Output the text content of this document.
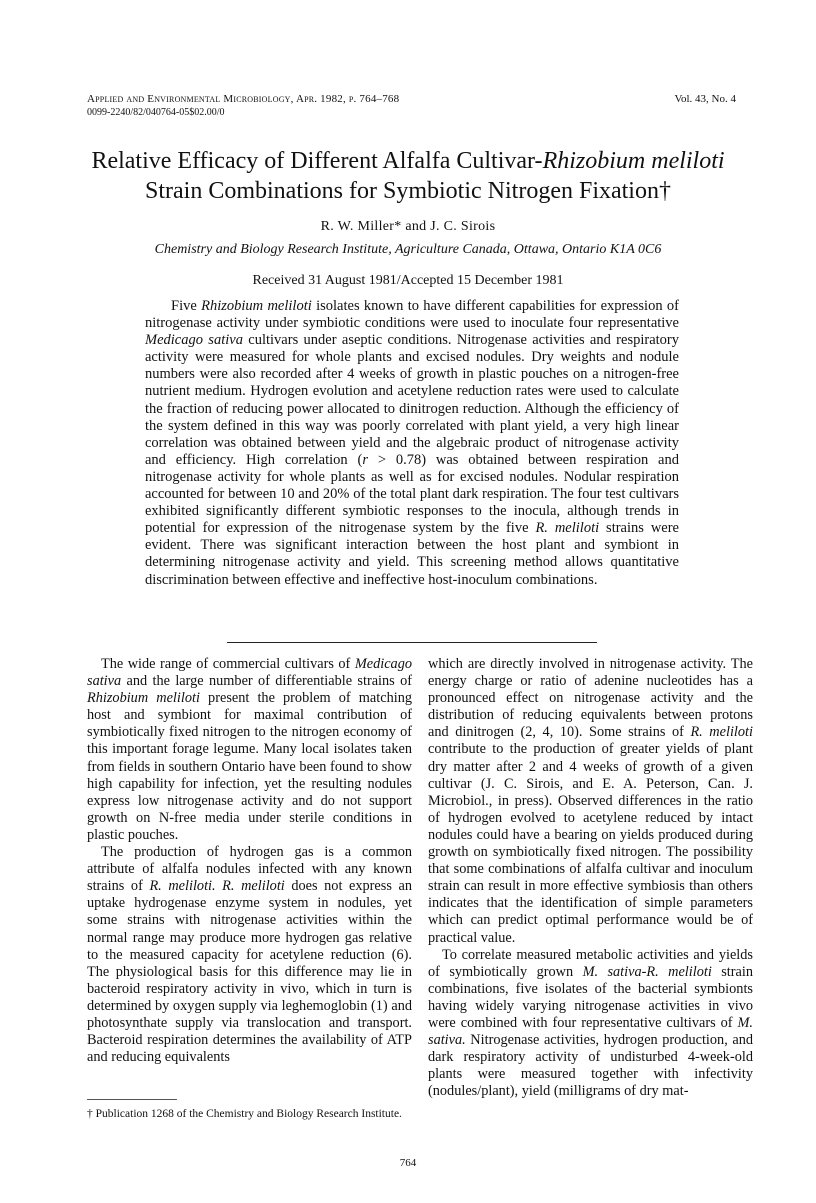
Applied and Environmental Microbiology, Apr. 1982, p. 764–768
0099-2240/82/040764-05$02.00/0
Vol. 43, No. 4
Relative Efficacy of Different Alfalfa Cultivar-Rhizobium meliloti Strain Combinations for Symbiotic Nitrogen Fixation†
R. W. Miller* and J. C. Sirois
Chemistry and Biology Research Institute, Agriculture Canada, Ottawa, Ontario K1A 0C6
Received 31 August 1981/Accepted 15 December 1981

Five Rhizobium meliloti isolates known to have different capabilities for expression of nitrogenase activity under symbiotic conditions were used to inoculate four representative Medicago sativa cultivars under aseptic conditions. Nitrogenase activities and respiratory activity were measured for whole plants and excised nodules. Dry weights and nodule numbers were also recorded after 4 weeks of growth in plastic pouches on a nitrogen-free nutrient medium. Hydrogen evolution and acetylene reduction rates were used to calculate the fraction of reducing power allocated to dinitrogen reduction. Although the efficiency of the system defined in this way was poorly correlated with plant yield, a very high linear correlation was obtained between yield and the algebraic product of nitrogenase activity and efficiency. High correlation (r > 0.78) was obtained between respiration and nitrogenase activity for whole plants as well as for excised nodules. Nodular respiration accounted for between 10 and 20% of the total plant dark respiration. The four test cultivars exhibited significantly different symbiotic responses to the inocula, although trends in potential for expression of the nitrogenase system by the five R. meliloti strains were evident. There was significant interaction between the host plant and symbiont in determining nitrogenase activity and yield. This screening method allows quantitative discrimination between effective and ineffective host-inoculum combinations.

The wide range of commercial cultivars of Medicago sativa and the large number of differentiable strains of Rhizobium meliloti present the problem of matching host and symbiont for maximal contribution of symbiotically fixed nitrogen to the nitrogen economy of this important forage legume. Many local isolates taken from fields in southern Ontario have been found to show high capability for infection, yet the resulting nodules express low nitrogenase activity and do not support growth on N-free media under sterile conditions in plastic pouches.

The production of hydrogen gas is a common attribute of alfalfa nodules infected with any known strains of R. meliloti. R. meliloti does not express an uptake hydrogenase enzyme system in nodules, yet some strains with nitrogenase activities within the normal range may produce more hydrogen gas relative to the measured capacity for acetylene reduction (6). The physiological basis for this difference may lie in bacteroid respiratory activity in vivo, which in turn is determined by oxygen supply via leghemoglobin (1) and photosynthate supply via translocation and transport. Bacteroid respiration determines the availability of ATP and reducing equivalents

which are directly involved in nitrogenase activity. The energy charge or ratio of adenine nucleotides has a pronounced effect on nitrogenase activity and the distribution of reducing equivalents between protons and dinitrogen (2, 4, 10). Some strains of R. meliloti contribute to the production of greater yields of plant dry matter after 2 and 4 weeks of growth of a given cultivar (J. C. Sirois, and E. A. Peterson, Can. J. Microbiol., in press). Observed differences in the ratio of hydrogen evolved to acetylene reduced by intact nodules could have a bearing on yields produced during growth on symbiotically fixed nitrogen. The possibility that some combinations of alfalfa cultivar and inoculum strain can result in more effective symbiosis than others indicates that the identification of simple parameters which can predict optimal performance would be of practical value.

To correlate measured metabolic activities and yields of symbiotically grown M. sativa-R. meliloti strain combinations, five isolates of the bacterial symbionts having widely varying nitrogenase activities in vivo were combined with four representative cultivars of M. sativa. Nitrogenase activities, hydrogen production, and dark respiratory activity of undisturbed 4-week-old plants were measured together with infectivity (nodules/plant), yield (milligrams of dry mat-

† Publication 1268 of the Chemistry and Biology Research Institute.
764
